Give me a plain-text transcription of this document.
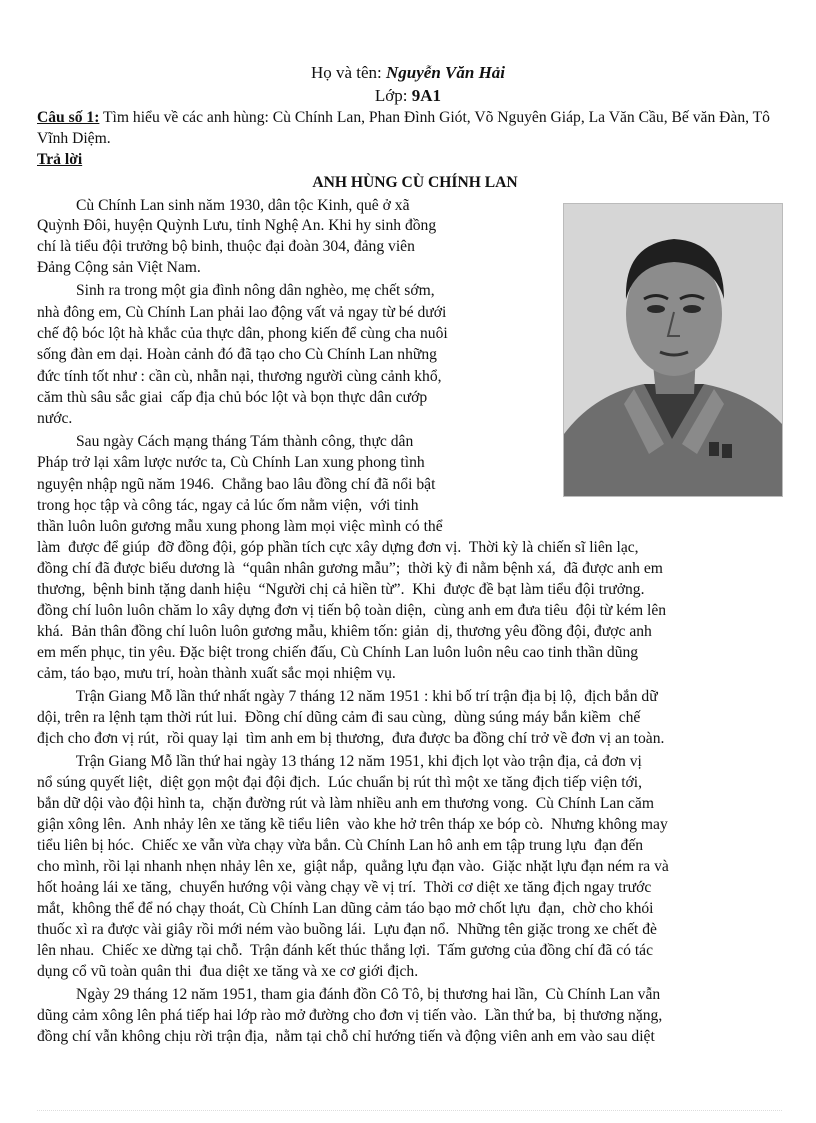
Họ và tên: Nguyễn Văn Hải
Lớp: 9A1
Câu số 1: Tìm hiểu về các anh hùng: Cù Chính Lan, Phan Đình Giót, Võ Nguyên Giáp, La Văn Cầu, Bế văn Đàn, Tô Vĩnh Diệm.
Trả lời
ANH HÙNG CÙ CHÍNH LAN
Cù Chính Lan sinh năm 1930, dân tộc Kinh, quê ở xã
Quỳnh Đôi, huyện Quỳnh Lưu, tỉnh Nghệ An. Khi hy sinh đồng
chí là tiểu đội trưởng bộ binh, thuộc đại đoàn 304, đảng viên
Đảng Cộng sản Việt Nam.
Sinh ra trong một gia đình nông dân nghèo, mẹ chết sớm,
nhà đông em, Cù Chính Lan phải lao động vất vả ngay từ bé dưới
chế độ bóc lột hà khắc của thực dân, phong kiến để cùng cha nuôi
sống đàn em dại. Hoàn cảnh đó đã tạo cho Cù Chính Lan những
đức tính tốt như : cần cù, nhẫn nại, thương người cùng cảnh khổ,
căm thù sâu sắc giai  cấp địa chủ bóc lột và bọn thực dân cướp
nước.
Sau ngày Cách mạng tháng Tám thành công, thực dân
Pháp trở lại xâm lược nước ta, Cù Chính Lan xung phong tình
nguyện nhập ngũ năm 1946.  Chẳng bao lâu đồng chí đã nổi bật
trong học tập và công tác, ngay cả lúc ốm nằm viện,  với tinh
thần luôn luôn gương mẫu xung phong làm mọi việc mình có thể
làm  được để giúp  đỡ đồng đội, góp phần tích cực xây dựng đơn vị.  Thời kỳ là chiến sĩ liên lạc,
đồng chí đã được biểu dương là  “quân nhân gương mẫu”;  thời kỳ đi nằm bệnh xá,  đã được anh em
thương,  bệnh binh tặng danh hiệu  “Người chị cả hiền từ”.  Khi  được đề bạt làm tiểu đội trưởng.
đồng chí luôn luôn chăm lo xây dựng đơn vị tiến bộ toàn diện,  cùng anh em đưa tiêu  đội từ kém lên
khá.  Bản thân đồng chí luôn luôn gương mẫu, khiêm tốn: giản  dị, thương yêu đồng đội, được anh
em mến phục, tin yêu. Đặc biệt trong chiến đấu, Cù Chính Lan luôn luôn nêu cao tinh thần dũng
cảm, táo bạo, mưu trí, hoàn thành xuất sắc mọi nhiệm vụ.
Trận Giang Mỗ lần thứ nhất ngày 7 tháng 12 năm 1951 : khi bố trí trận địa bị lộ,  địch bắn dữ
dội, trên ra lệnh tạm thời rút lui.  Đồng chí dũng cảm đi sau cùng,  dùng súng máy bắn kiềm  chế
địch cho đơn vị rút,  rồi quay lại  tìm anh em bị thương,  đưa được ba đồng chí trở về đơn vị an toàn.
Trận Giang Mỗ lần thứ hai ngày 13 tháng 12 năm 1951, khi địch lọt vào trận địa, cả đơn vị
nổ súng quyết liệt,  diệt gọn một đại đội địch.  Lúc chuẩn bị rút thì một xe tăng địch tiếp viện tới,
bắn dữ dội vào đội hình ta,  chặn đường rút và làm nhiều anh em thương vong.  Cù Chính Lan căm
giận xông lên.  Anh nhảy lên xe tăng kề tiểu liên  vào khe hở trên tháp xe bóp cò.  Nhưng không may
tiểu liên bị hóc.  Chiếc xe vẫn vừa chạy vừa bắn. Cù Chính Lan hô anh em tập trung lựu  đạn đến
cho mình, rồi lại nhanh nhẹn nhảy lên xe,  giật nắp,  quẳng lựu đạn vào.  Giặc nhặt lựu đạn ném ra và
hốt hoảng lái xe tăng,  chuyển hướng vội vàng chạy về vị trí.  Thời cơ diệt xe tăng địch ngay trước
mắt,  không thể để nó chạy thoát, Cù Chính Lan dũng cảm táo bạo mở chốt lựu  đạn,  chờ cho khói
thuốc xì ra được vài giây rồi mới ném vào buồng lái.  Lựu đạn nổ.  Những tên giặc trong xe chết đè
lên nhau.  Chiếc xe dừng tại chỗ.  Trận đánh kết thúc thắng lợi.  Tấm gương của đồng chí đã có tác
dụng cổ vũ toàn quân thi  đua diệt xe tăng và xe cơ giới địch.
Ngày 29 tháng 12 năm 1951, tham gia đánh đồn Cô Tô, bị thương hai lần,  Cù Chính Lan vẫn
dũng cảm xông lên phá tiếp hai lớp rào mở đường cho đơn vị tiến vào.  Lần thứ ba,  bị thương nặng,
đồng chí vẫn không chịu rời trận địa,  nằm tại chỗ chỉ hướng tiến và động viên anh em vào sau diệt
